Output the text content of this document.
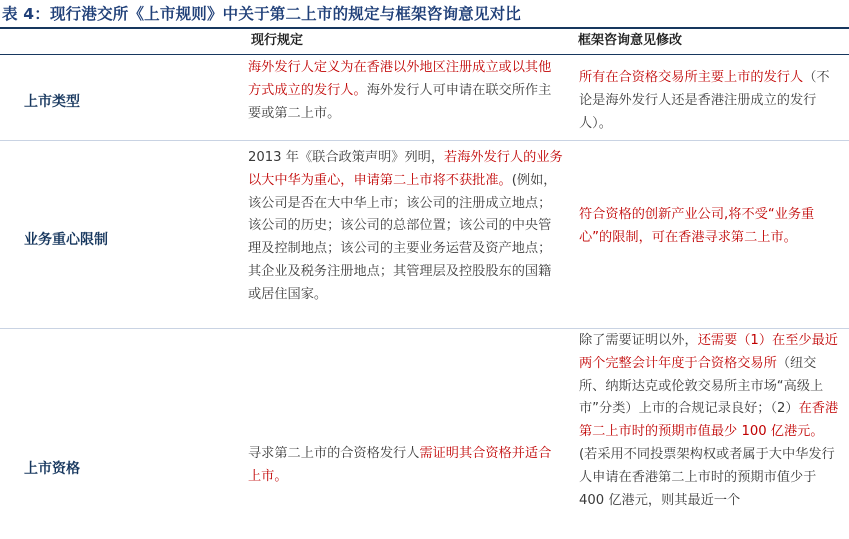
表 4：现行港交所《上市规则》中关于第二上市的规定与框架咨询意见对比
现行规定	框架咨询意见修改
上市类型
海外发行人定义为在香港以外地区注册成立或以其他方式成立的发行人。海外发行人可申请在联交所作主要或第二上市。
所有在合资格交易所主要上市的发行人（不论是海外发行人还是香港注册成立的发行人）。
业务重心限制
2013 年《联合政策声明》列明，若海外发行人的业务以大中华为重心，申请第二上市将不获批准。(例如，该公司是否在大中华上市；该公司的注册成立地点；该公司的历史；该公司的总部位置；该公司的中央管理及控制地点；该公司的主要业务运营及资产地点；其企业及税务注册地点；其管理层及控股股东的国籍或居住国家。
符合资格的创新产业公司,将不受“业务重心”的限制，可在香港寻求第二上市。
上市资格
寻求第二上市的合资格发行人需证明其合资格并适合上市。
除了需要证明以外，还需要（1）在至少最近两个完整会计年度于合资格交易所（纽交所、纳斯达克或伦敦交易所主市场“高级上市”分类）上市的合规记录良好；（2）在香港第二上市时的预期市值最少 100 亿港元。(若采用不同投票架构权或者属于大中华发行人申请在香港第二上市时的预期市值少于 400 亿港元，则其最近一个
